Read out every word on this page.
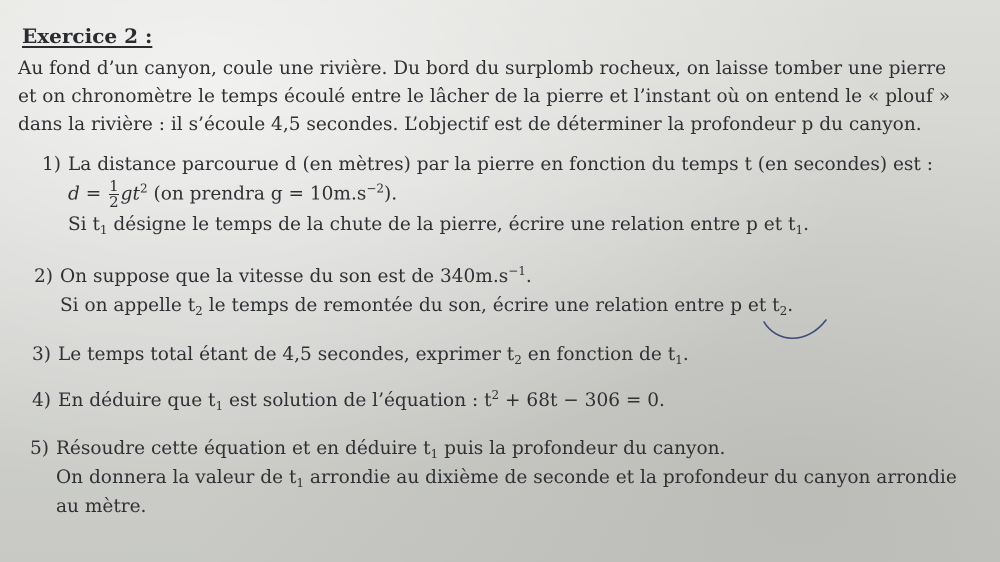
Exercice 2 :
Au fond d’un canyon, coule une rivière. Du bord du surplomb rocheux, on laisse tomber une pierre
et on chronomètre le temps écoulé entre le lâcher de la pierre et l’instant où on entend le « plouf »
dans la rivière : il s’écoule 4,5 secondes. L’objectif est de déterminer la profondeur p du canyon.
1) La distance parcourue d (en mètres) par la pierre en fonction du temps t (en secondes) est :
$d = \frac{1}{2} gt^2$ (on prendra $g = 10m.s^{-2}$).
Si $t_1$ désigne le temps de la chute de la pierre, écrire une relation entre p et $t_1$.
2) On suppose que la vitesse du son est de $340m.s^{-1}$.
Si on appelle $t_2$ le temps de remontée du son, écrire une relation entre p et $t_2$.
3) Le temps total étant de 4,5 secondes, exprimer $t_2$ en fonction de $t_1$.
4) En déduire que $t_1$ est solution de l’équation : $t^2 + 68t - 306 = 0$.
5) Résoudre cette équation et en déduire $t_1$ puis la profondeur du canyon.
On donnera la valeur de $t_1$ arrondie au dixième de seconde et la profondeur du canyon arrondie
au mètre.
